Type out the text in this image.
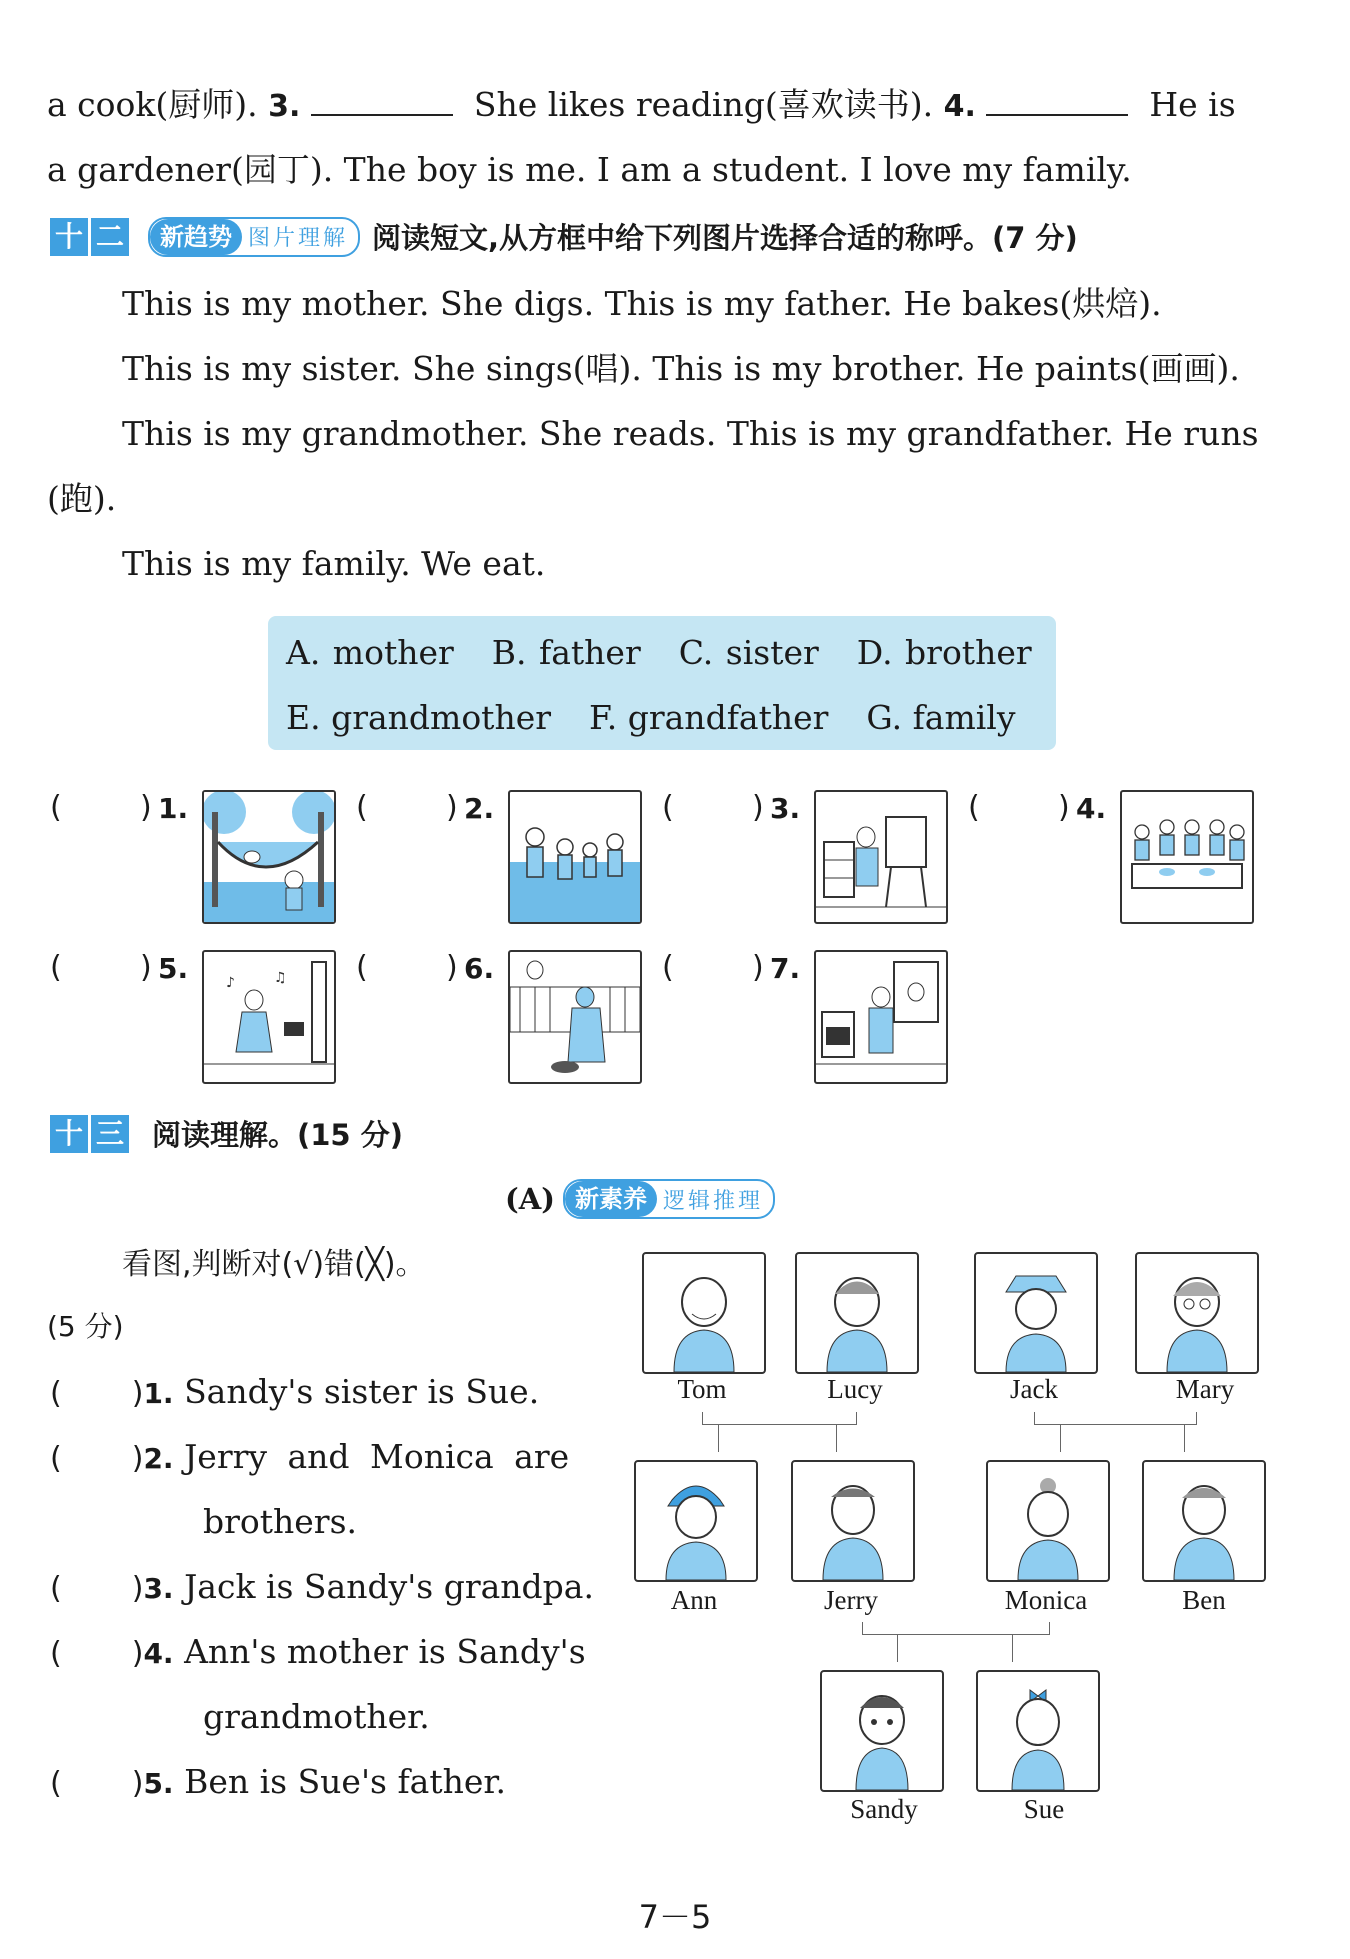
a cook(厨师). 3.	She likes reading(喜欢读书). 4.	He is
a gardener(园丁). The boy is me. I am a student. I love my family.
十 二	新趋势 图片理解 阅读短文,从方框中给下列图片选择合适的称呼。(7 分)
This is my mother. She digs. This is my father. He bakes(烘焙).
This is my sister. She sings(唱). This is my brother. He paints(画画).
This is my grandmother. She reads. This is my grandfather. He runs
(跑).
This is my family. We eat.
A. mother B. father C. sister D. brother
E. grandmother F. grandfather G. family
(	) 1.	(	) 2.	(	) 3.	(	) 4.
(	) 5.	♪	♫ (	) 6.	(	) 7.
十 三 阅读理解。(15 分)
(A) 新素养 逻辑推理
看图,判断对(√)错(╳)。
(5 分)
( )1. Sandy's sister is Sue.
( )2. Jerry and Monica are
brothers.
( )3. Jack is Sandy's grandpa.
( )4. Ann's mother is Sandy's
grandmother.
( )5. Ben is Sue's father.
Tom	Lucy	Jack	Mary
Ann	Jerry	Monica	Ben
Sandy	Sue
7－5
